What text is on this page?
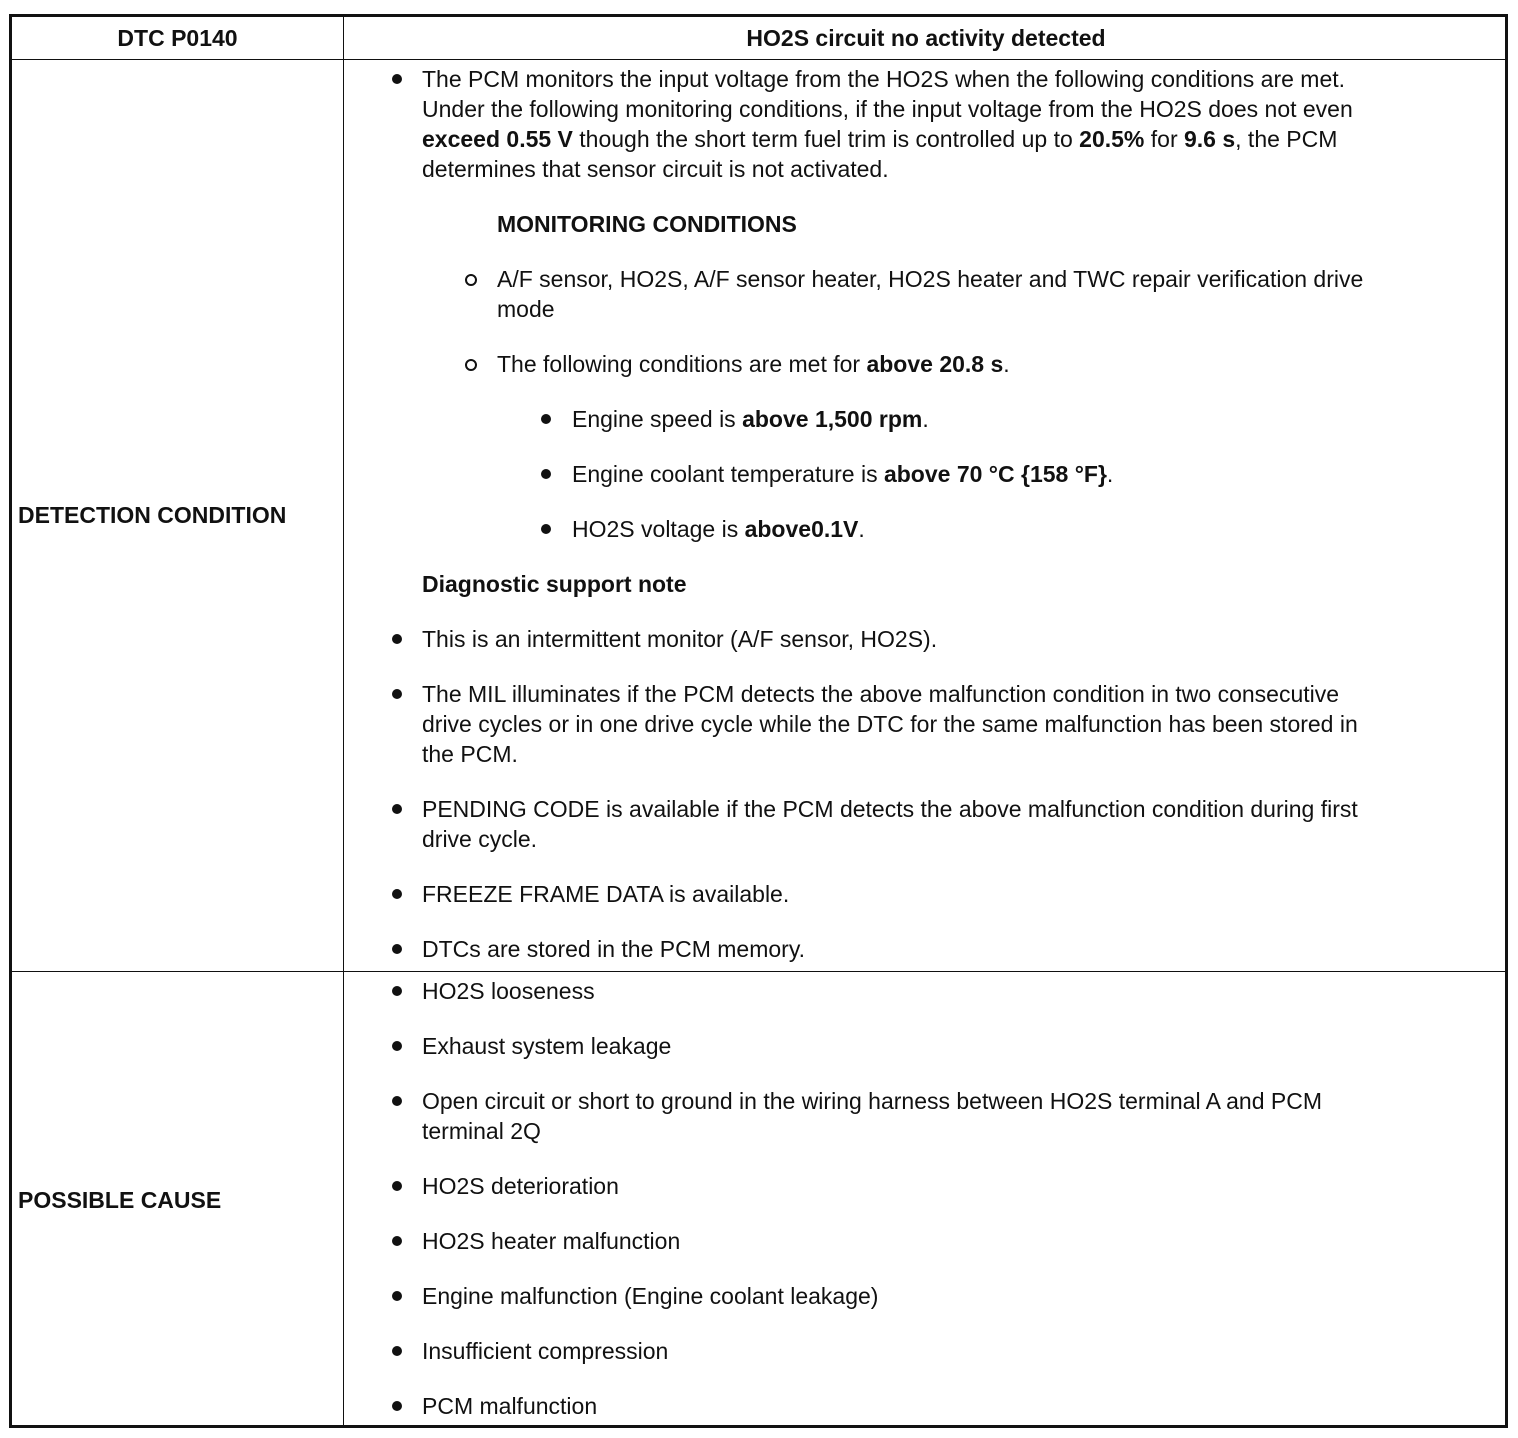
DTC P0140	HO2S circuit no activity detected
DETECTION CONDITION
POSSIBLE CAUSE
The PCM monitors the input voltage from the HO2S when the following conditions are met.
Under the following monitoring conditions, if the input voltage from the HO2S does not even
exceed 0.55 V though the short term fuel trim is controlled up to 20.5% for 9.6 s, the PCM
determines that sensor circuit is not activated.
MONITORING CONDITIONS
A/F sensor, HO2S, A/F sensor heater, HO2S heater and TWC repair verification drive
mode
The following conditions are met for above 20.8 s.
Engine speed is above 1,500 rpm.
Engine coolant temperature is above 70 °C {158 °F}.
HO2S voltage is above0.1V.
Diagnostic support note
This is an intermittent monitor (A/F sensor, HO2S).
The MIL illuminates if the PCM detects the above malfunction condition in two consecutive
drive cycles or in one drive cycle while the DTC for the same malfunction has been stored in
the PCM.
PENDING CODE is available if the PCM detects the above malfunction condition during first
drive cycle.
FREEZE FRAME DATA is available.
DTCs are stored in the PCM memory.
HO2S looseness
Exhaust system leakage
Open circuit or short to ground in the wiring harness between HO2S terminal A and PCM
terminal 2Q
HO2S deterioration
HO2S heater malfunction
Engine malfunction (Engine coolant leakage)
Insufficient compression
PCM malfunction
